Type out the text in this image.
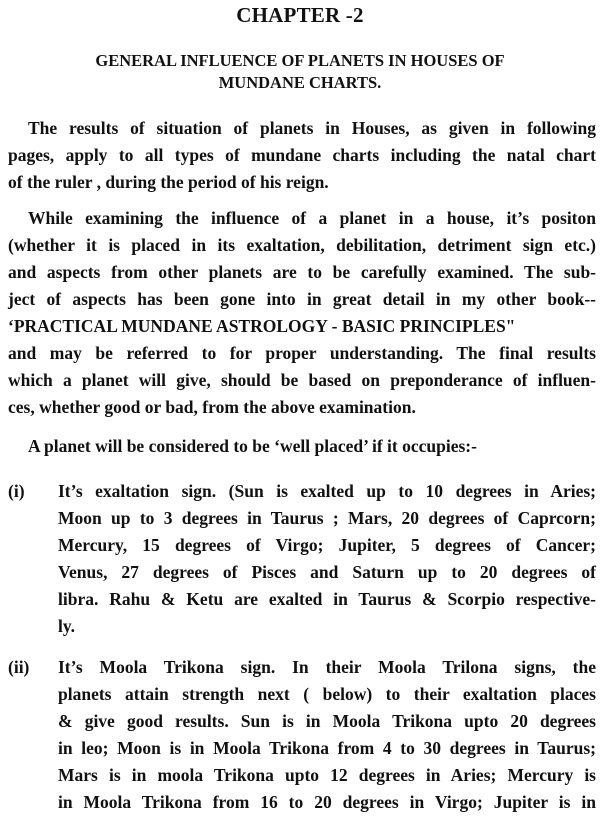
CHAPTER -2
GENERAL INFLUENCE OF PLANETS IN HOUSES OF
MUNDANE CHARTS.
The results of situation of planets in Houses, as given in following
pages, apply to all types of mundane charts including the natal chart
of the ruler , during the period of his reign.
While examining the influence of a planet in a house, it’s positon
(whether it is placed in its exaltation, debilitation, detriment sign etc.)
and aspects from other planets are to be carefully examined. The sub-
ject of aspects has been gone into in great detail in my other book--
‘PRACTICAL MUNDANE ASTROLOGY - BASIC PRINCIPLES"
and may be referred to for proper understanding. The final results
which a planet will give, should be based on preponderance of influen-
ces, whether good or bad, from the above examination.
A planet will be considered to be ‘well placed’ if it occupies:-
(i)	It’s exaltation sign. (Sun is exalted up to 10 degrees in Aries;
Moon up to 3 degrees in Taurus ; Mars, 20 degrees of Caprcorn;
Mercury, 15 degrees of Virgo; Jupiter, 5 degrees of Cancer;
Venus, 27 degrees of Pisces and Saturn up to 20 degrees of
libra. Rahu & Ketu are exalted in Taurus & Scorpio respective-
ly.
(ii)	It’s Moola Trikona sign. In their Moola Trilona signs, the
planets attain strength next ( below) to their exaltation places
& give good results. Sun is in Moola Trikona upto 20 degrees
in leo; Moon is in Moola Trikona from 4 to 30 degrees in Taurus;
Mars is in moola Trikona upto 12 degrees in Aries; Mercury is
in Moola Trikona from 16 to 20 degrees in Virgo; Jupiter is in
